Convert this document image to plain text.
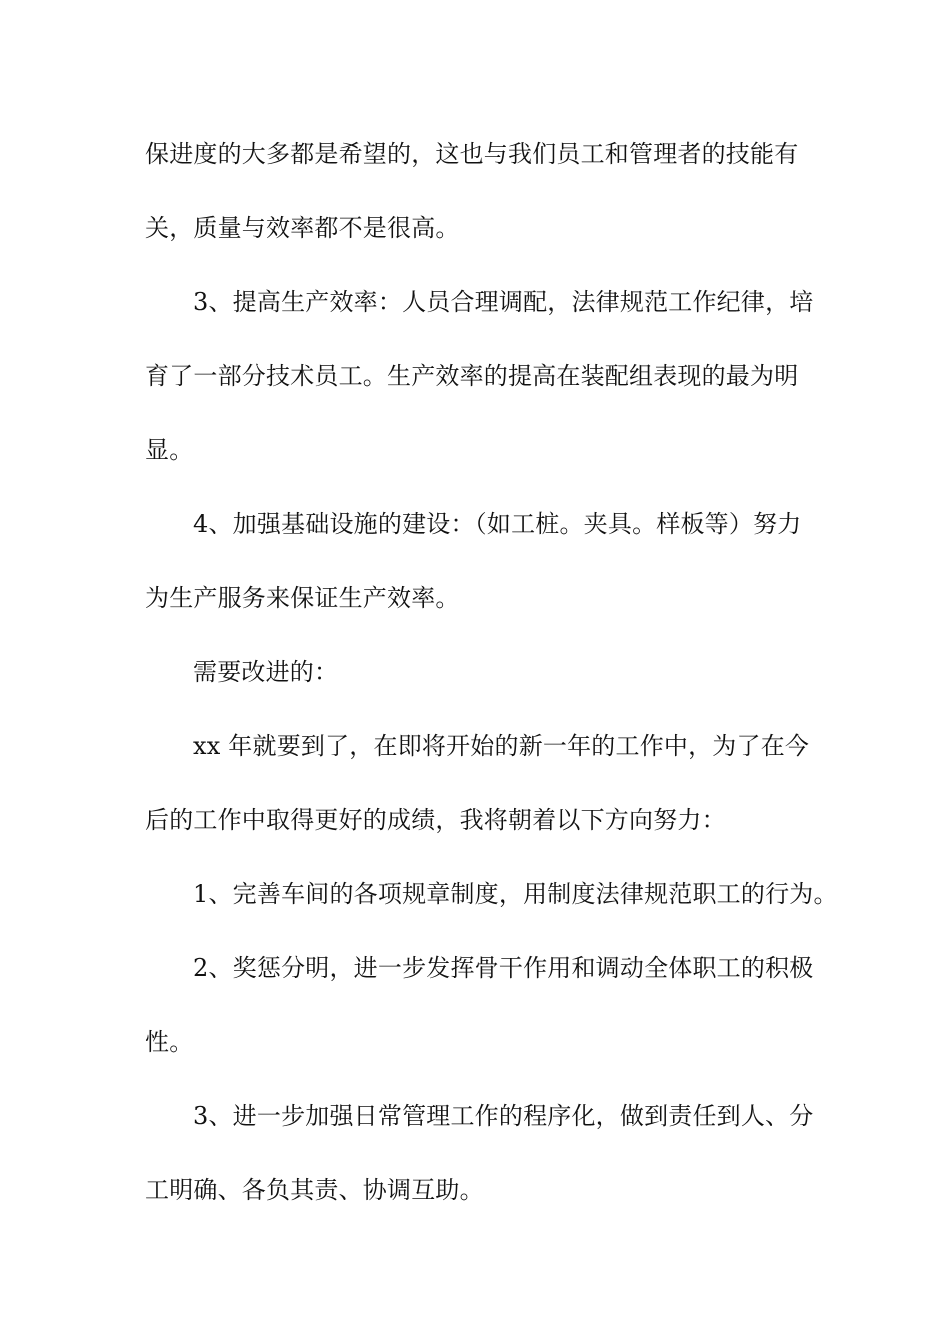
保进度的大多都是希望的，这也与我们员工和管理者的技能有

关，质量与效率都不是很高。

3、提高生产效率：人员合理调配，法律规范工作纪律，培

育了一部分技术员工。生产效率的提高在装配组表现的最为明

显。

4、加强基础设施的建设：（如工桩。夹具。样板等）努力

为生产服务来保证生产效率。

需要改进的：

xx 年就要到了，在即将开始的新一年的工作中，为了在今

后的工作中取得更好的成绩，我将朝着以下方向努力：

1、完善车间的各项规章制度，用制度法律规范职工的行为。

2、奖惩分明，进一步发挥骨干作用和调动全体职工的积极

性。

3、进一步加强日常管理工作的程序化，做到责任到人、分

工明确、各负其责、协调互助。
